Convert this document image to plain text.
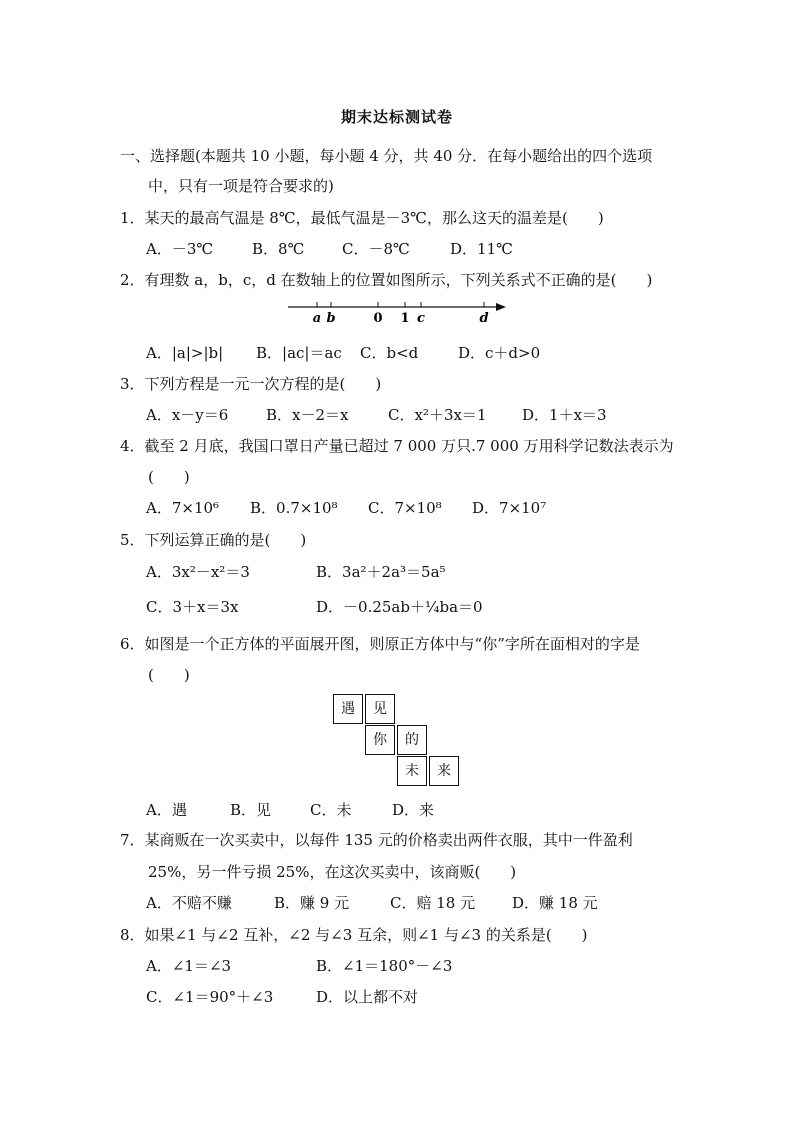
期末达标测试卷
一、选择题(本题共 10 小题，每小题 4 分，共 40 分．在每小题给出的四个选项
中，只有一项是符合要求的)
1．某天的最高气温是 8℃，最低气温是－3℃，那么这天的温差是(　　)
A．－3℃	B．8℃	C．－8℃	D．11℃
2．有理数 a，b，c，d 在数轴上的位置如图所示，下列关系式不正确的是(　　)
a b	0 1 c	d
A．|a|>|b| B．|ac|＝ac C．b<d	D．c＋d>0
3．下列方程是一元一次方程的是(　　)
A．x－y＝6	B．x－2＝x	C．x²＋3x＝1 D．1＋x＝3
4．截至 2 月底，我国口罩日产量已超过 7 000 万只.7 000 万用科学记数法表示为
(　　)
A．7×10⁶ B．0.7×10⁸ C．7×10⁸ D．7×10⁷
5．下列运算正确的是(　　)
A．3x²－x²＝3	B．3a²＋2a³＝5a⁵
C．3＋x＝3x	D．－0.25ab＋¼ba＝0
6．如图是一个正方体的平面展开图，则原正方体中与“你”字所在面相对的字是
(　　)
遇	见
你	的
未	来
A．遇	B．见	C．未	D．来
7．某商贩在一次买卖中，以每件 135 元的价格卖出两件衣服，其中一件盈利
25%，另一件亏损 25%，在这次买卖中，该商贩(　　)
A．不赔不赚	B．赚 9 元	C．赔 18 元 D．赚 18 元
8．如果∠1 与∠2 互补，∠2 与∠3 互余，则∠1 与∠3 的关系是(　　)
A．∠1＝∠3	B．∠1＝180°－∠3
C．∠1＝90°＋∠3	D．以上都不对
